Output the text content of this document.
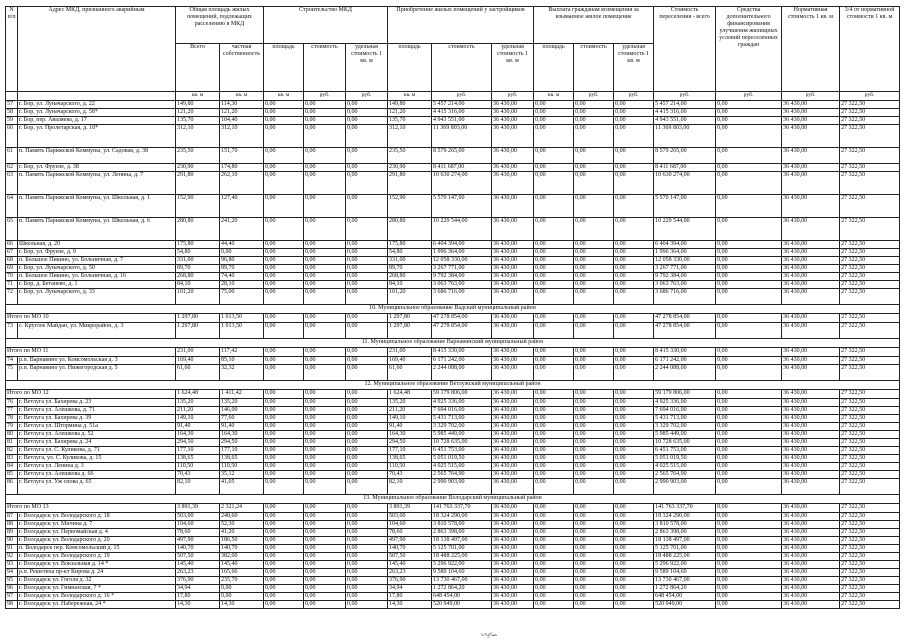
N п/п	Адрес МКД, признанного аварийным	Общая площадь жилых помещений, подлежащих расселению в МКД		Строительство МКД			Приобретение жилых помещений у застройщиков			Выплата гражданам возмещения за изымаемое жилое помещение			Стоимость переселения - всего	Средства дополнительного финансирования улучшения жилищных условий переселенных граждан	Нормативная стоимость 1 кв. м	3/4 от нормативной стоимости 1 кв. м
		Всего	частная собственность	площадь	стоимость	удельная стоимость 1 кв. м	площадь	стоимость	удельная стоимость 1 кв. м	площадь	стоимость	удельная стоимость 1 кв. м				
		кв. м	кв. м	кв. м	руб.	руб.	кв. м	руб.	руб.	кв. м	руб.	руб.	руб.	руб.	руб.	руб.
57	г. Бор, ул. Луначарского, д. 22	149,80	114,30	0,00	0,00	0,00	149,80	5 457 214,00	36 430,00	0,00	0,00	0,00	5 457 214,00	0,00	36 430,00	27 322,50
58	г. Бор, ул. Луначарского, д. 58*	121,20	121,20	0,00	0,00	0,00	121,20	4 415 316,00	36 430,00	0,00	0,00	0,00	4 415 316,00	0,00	36 430,00	27 322,50
59	г. Бор, пер. Аваляева, д. 17	135,70	104,40	0,00	0,00	0,00	135,70	4 943 551,00	36 430,00	0,00	0,00	0,00	4 943 551,00	0,00	36 430,00	27 322,50
60	г. Бор, ул. Пролетарская, д. 10*	312,10	312,10	0,00	0,00	0,00	312,10	11 369 803,00	36 430,00	0,00	0,00	0,00	11 369 803,00	0,00	36 430,00	27 322,50
61	п. Память Парижской Коммуны, ул. Садовая, д. 38	235,50	151,70	0,00	0,00	0,00	235,50	8 579 265,00	36 430,00	0,00	0,00	0,00	8 579 265,00	0,00	36 430,00	27 322,50
62	г. Бор, ул. Фрунзе, д. 38	230,90	174,80	0,00	0,00	0,00	230,90	8 411 687,00	36 430,00	0,00	0,00	0,00	8 411 687,00	0,00	36 430,00	27 322,50
63	п. Память Парижской Коммуны, ул. Ленина, д. 7	291,80	262,10	0,00	0,00	0,00	291,80	10 630 274,00	36 430,00	0,00	0,00	0,00	10 630 274,00	0,00	36 430,00	27 322,50
64	п. Память Парижской Коммуны, ул. Школьная, д. 1	152,90	127,40	0,00	0,00	0,00	152,90	5 570 147,00	36 430,00	0,00	0,00	0,00	5 570 147,00	0,00	36 430,00	27 322,50
65	п. Память Парижской Коммуны, ул. Школьная, д. 6	280,80	241,20	0,00	0,00	0,00	280,80	10 229 544,00	36 430,00	0,00	0,00	0,00	10 229 544,00	0,00	36 430,00	27 322,50
66	Школьная, д. 20	175,80	44,40	0,00	0,00	0,00	175,80	6 404 394,00	36 430,00	0,00	0,00	0,00	6 404 394,00	0,00	36 430,00	27 322,50
67	г. Бор, ул. Фрунзе, д. 9	54,80	0,00	0,00	0,00	0,00	54,80	1 996 364,00	36 430,00	0,00	0,00	0,00	1 996 364,00	0,00	36 430,00	27 322,50
68	п. Большое Пикино, ул. Больничная, д. 7	331,00	96,80	0,00	0,00	0,00	331,00	12 058 330,00	36 430,00	0,00	0,00	0,00	12 058 330,00	0,00	36 430,00	27 322,50
69	г. Бор, ул. Луначарского, д. 50	89,70	89,70	0,00	0,00	0,00	89,70	3 267 771,00	36 430,00	0,00	0,00	0,00	3 267 771,00	0,00	36 430,00	27 322,50
70	п. Большое Пикино, ул. Больничная, д. 16	268,80	74,40	0,00	0,00	0,00	268,80	9 792 384,00	36 430,00	0,00	0,00	0,00	9 792 384,00	0,00	36 430,00	27 322,50
71	г. Бор, д. Бетанево, д. 1	84,10	28,10	0,00	0,00	0,00	84,10	3 063 763,00	36 430,00	0,00	0,00	0,00	3 063 763,00	0,00	36 430,00	27 322,50
72	г. Бор, ул. Луначарского, д. 33	101,20	75,00	0,00	0,00	0,00	101,20	3 686 716,00	36 430,00	0,00	0,00	0,00	3 686 716,00	0,00	36 430,00	27 322,50
10. Муниципальное образование Вадский муниципальный район																
Итого по МО 10		1 297,80	1 013,50	0,00	0,00	0,00	1 297,80	47 278 854,00	36 430,00	0,00	0,00	0,00	47 278 854,00	0,00	36 430,00	27 322,50
73	с. Круглое Майдан, ул. Микрорайон, д. 3	1 297,80	1 013,50	0,00	0,00	0,00	1 297,80	47 278 854,00	36 430,00	0,00	0,00	0,00	47 278 854,00	0,00	36 430,00	27 322,50
11. Муниципальное образование Варнавинский муниципальный район																
Итого по МО 11		231,00	117,42	0,00	0,00	0,00	231,00	8 415 330,00	36 430,00	0,00	0,00	0,00	8 415 330,00	0,00	36 430,00	27 322,50
74	р.п. Варнавино ул. Комсомольская д. 3	169,40	85,10	0,00	0,00	0,00	169,40	6 171 242,00	36 430,00	0,00	0,00	0,00	6 171 242,00	0,00	36 430,00	27 322,50
75	р.п. Варнавино ул. Нижегородская д. 5	61,60	32,32	0,00	0,00	0,00	61,60	2 244 088,00	36 430,00	0,00	0,00	0,00	2 244 088,00	0,00	36 430,00	27 322,50
12. Муниципальное образование Ветлужский муниципальный район																
Итого по МО 12		1 624,48	1 411,42	0,00	0,00	0,00	1 624,48	59 179 806,00	36 430,00	0,00	0,00	0,00	59 179 806,00	0,00	36 430,00	27 322,50
76	г. Ветлуга ул. Бахирева д. 23	135,20	135,20	0,00	0,00	0,00	135,20	4 925 336,00	36 430,00	0,00	0,00	0,00	4 925 336,00	0,00	36 430,00	27 322,50
77	г. Ветлуга ул. Алешкова, д. 71	211,20	146,00	0,00	0,00	0,00	211,20	7 694 016,00	36 430,00	0,00	0,00	0,00	7 694 016,00	0,00	36 430,00	27 322,50
78	г. Ветлуга ул. Бахирева д. 39	149,10	77,60	0,00	0,00	0,00	149,10	5 431 713,00	36 430,00	0,00	0,00	0,00	5 431 713,00	0,00	36 430,00	27 322,50
79	г. Ветлуга ул. Штормина д. 51а	91,40	91,40	0,00	0,00	0,00	91,40	3 329 702,00	36 430,00	0,00	0,00	0,00	3 329 702,00	0,00	36 430,00	27 322,50
80	г. Ветлуга ул. Алешкова д. 52	164,30	164,30	0,00	0,00	0,00	164,30	5 985 449,00	36 430,00	0,00	0,00	0,00	5 985 449,00	0,00	36 430,00	27 322,50
81	г. Ветлуга ул. Бахирева д. 24	294,50	294,50	0,00	0,00	0,00	294,50	10 728 635,00	36 430,00	0,00	0,00	0,00	10 728 635,00	0,00	36 430,00	27 322,50
82	г. Ветлуга ул. С. Куликова, д. 71	177,10	177,10	0,00	0,00	0,00	177,10	6 451 753,00	36 430,00	0,00	0,00	0,00	6 451 753,00	0,00	36 430,00	27 322,50
83	г. Ветлуга, ул. С. Куликова, д. 15	138,65	138,65	0,00	0,00	0,00	138,65	5 051 019,50	36 430,00	0,00	0,00	0,00	5 051 019,50	0,00	36 430,00	27 322,50
84	г. Ветлуга ул. Ленина д. 3	110,50	110,50	0,00	0,00	0,00	110,50	4 025 515,00	36 430,00	0,00	0,00	0,00	4 025 515,00	0,00	36 430,00	27 322,50
85	г. Ветлуга ул. Алешкова д. 66	70,43	35,12	0,00	0,00	0,00	70,43	2 565 764,90	36 430,00	0,00	0,00	0,00	2 565 764,90	0,00	36 430,00	27 322,50
86	г. Ветлуга ул. Уж олова д. 65	82,10	41,05	0,00	0,00	0,00	82,10	2 990 903,00	36 430,00	0,00	0,00	0,00	2 990 903,00	0,00	36 430,00	27 322,50
13. Муниципальное образование Володарский муниципальный район																
Итого по МО 13		3 891,39	2 321,24	0,00	0,00	0,00	3 891,39	141 763 337,70	36 430,00	0,00	0,00	0,00	141 763 337,70	0,00	36 430,00	27 322,50
87	г. Володарск ул. Володарского д. 18	503,00	248,60	0,00	0,00	0,00	503,00	18 324 290,00	36 430,00	0,00	0,00	0,00	18 324 290,00	0,00	36 430,00	27 322,50
88	г. Володарск ул. Мичина д. 7	104,60	52,30	0,00	0,00	0,00	104,60	3 810 578,00	36 430,00	0,00	0,00	0,00	3 810 578,00	0,00	36 430,00	27 322,50
89	г. Володарск ул. Первомайская д. 4	78,60	41,20	0,00	0,00	0,00	78,60	2 863 398,00	36 430,00	0,00	0,00	0,00	2 863 398,00	0,00	36 430,00	27 322,50
90	г. Володарск ул. Володарского д. 20	497,90	186,50	0,00	0,00	0,00	497,90	18 138 497,00	36 430,00	0,00	0,00	0,00	18 138 497,00	0,00	36 430,00	27 322,50
91	п. Володарск пер. Комсомольский д. 15	140,70	140,70	0,00	0,00	0,00	140,70	5 125 701,00	36 430,00	0,00	0,00	0,00	5 125 701,00	0,00	36 430,00	27 322,50
92	г. Володарск ул. Володарского д. 19	507,50	382,00	0,00	0,00	0,00	507,50	18 488 225,00	36 430,00	0,00	0,00	0,00	18 488 225,00	0,00	36 430,00	27 322,50
93	г. Володарск ул. Вокзальная д. 14 *	145,40	145,40	0,00	0,00	0,00	145,40	5 296 922,00	36 430,00	0,00	0,00	0,00	5 296 922,00	0,00	36 430,00	27 322,50
94	р.п. Решетиха пр-кт Кирова д. 24	263,23	165,66	0,00	0,00	0,00	263,23	9 589 104,60	36 430,00	0,00	0,00	0,00	9 589 104,60	0,00	36 430,00	27 322,50
95	г. Володарск ул. Гоголя д. 32	376,90	235,70	0,00	0,00	0,00	376,90	13 730 467,00	36 430,00	0,00	0,00	0,00	13 730 467,00	0,00	36 430,00	27 322,50
96	г. Володарск ул. Гимназская, 7 *	34,94	0,00	0,00	0,00	0,00	34,94	1 272 864,20	36 430,00	0,00	0,00	0,00	1 272 864,20	0,00	36 430,00	27 322,50
97	г. Володарск ул. Володарского д. 16 *	17,80	0,00	0,00	0,00	0,00	17,80	648 454,00	36 430,00	0,00	0,00	0,00	648 454,00	0,00	36 430,00	27 322,50
98	г. Володарск ул. Набережная, 24 *	14,30	14,30	0,00	0,00	0,00	14,30	520 949,00	36 430,00	0,00	0,00	0,00	520 949,00	0,00	36 430,00	27 322,50
〰∕∽
